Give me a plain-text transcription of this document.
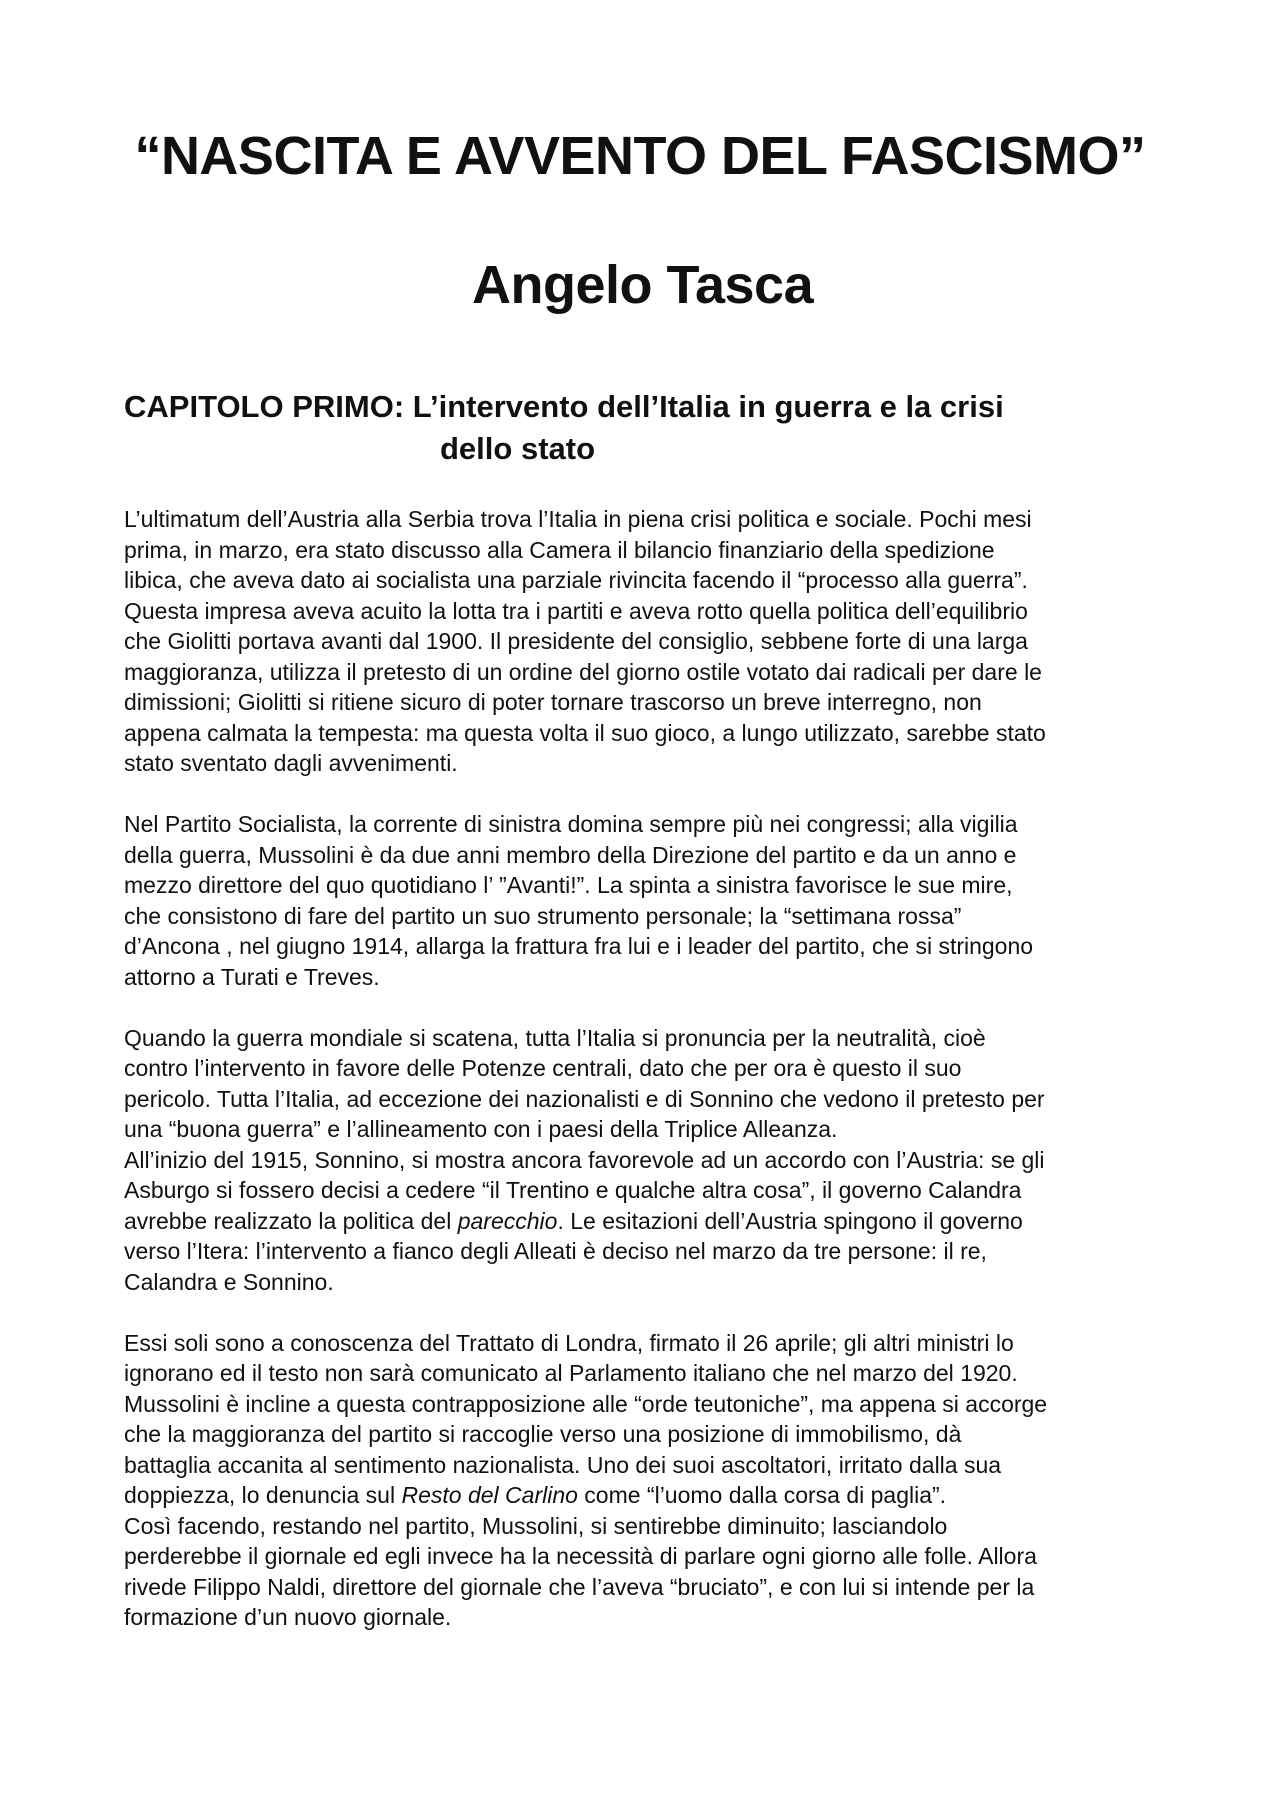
“NASCITA E AVVENTO DEL FASCISMO”
Angelo Tasca
CAPITOLO PRIMO: L’intervento dell’Italia in guerra e la crisi
dello stato

L’ultimatum dell’Austria alla Serbia trova l’Italia in piena crisi politica e sociale. Pochi mesi
prima, in marzo, era stato discusso alla Camera il bilancio finanziario della spedizione
libica, che aveva dato ai socialista una parziale rivincita facendo il “processo alla guerra”.
Questa impresa aveva acuito la lotta tra i partiti e aveva rotto quella politica dell’equilibrio
che Giolitti portava avanti dal 1900. Il presidente del consiglio, sebbene forte di una larga
maggioranza, utilizza il pretesto di un ordine del giorno ostile votato dai radicali per dare le
dimissioni; Giolitti si ritiene sicuro di poter tornare trascorso un breve interregno, non
appena calmata la tempesta: ma questa volta il suo gioco, a lungo utilizzato, sarebbe stato
stato sventato dagli avvenimenti.

Nel Partito Socialista, la corrente di sinistra domina sempre più nei congressi; alla vigilia
della guerra, Mussolini è da due anni membro della Direzione del partito e da un anno e
mezzo direttore del quo quotidiano l’ ”Avanti!”. La spinta a sinistra favorisce le sue mire,
che consistono di fare del partito un suo strumento personale; la “settimana rossa”
d’Ancona , nel giugno 1914, allarga la frattura fra lui e i leader del partito, che si stringono
attorno a Turati e Treves.

Quando la guerra mondiale si scatena, tutta l’Italia si pronuncia per la neutralità, cioè
contro l’intervento in favore delle Potenze centrali, dato che per ora è questo il suo
pericolo. Tutta l’Italia, ad eccezione dei nazionalisti e di Sonnino che vedono il pretesto per
una “buona guerra” e l’allineamento con i paesi della Triplice Alleanza.

All’inizio del 1915, Sonnino, si mostra ancora favorevole ad un accordo con l’Austria: se gli
Asburgo si fossero decisi a cedere “il Trentino e qualche altra cosa”, il governo Calandra
avrebbe realizzato la politica del parecchio. Le esitazioni dell’Austria spingono il governo
verso l’Itera: l’intervento a fianco degli Alleati è deciso nel marzo da tre persone: il re,
Calandra e Sonnino.

Essi soli sono a conoscenza del Trattato di Londra, firmato il 26 aprile; gli altri ministri lo
ignorano ed il testo non sarà comunicato al Parlamento italiano che nel marzo del 1920.
Mussolini è incline a questa contrapposizione alle “orde teutoniche”, ma appena si accorge
che la maggioranza del partito si raccoglie verso una posizione di immobilismo, dà
battaglia accanita al sentimento nazionalista. Uno dei suoi ascoltatori, irritato dalla sua
doppiezza, lo denuncia sul Resto del Carlino come “l’uomo dalla corsa di paglia”.

Così facendo, restando nel partito, Mussolini, si sentirebbe diminuito; lasciandolo
perderebbe il giornale ed egli invece ha la necessità di parlare ogni giorno alle folle. Allora
rivede Filippo Naldi, direttore del giornale che l’aveva “bruciato”, e con lui si intende per la
formazione d’un nuovo giornale.
